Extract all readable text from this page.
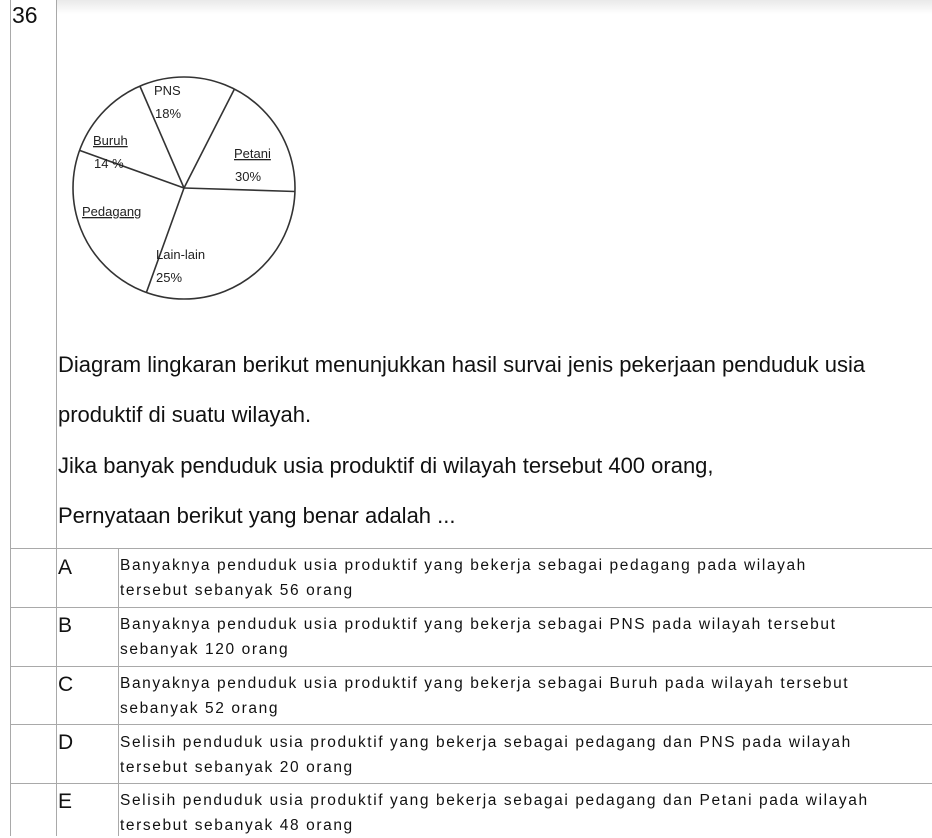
36
PNS
18%
Petani
30%
Lain-lain
25%
Pedagang
Buruh
14 %
Diagram lingkaran berikut menunjukkan hasil survai jenis pekerjaan penduduk usia
produktif di suatu wilayah.
Jika banyak penduduk usia produktif di wilayah tersebut 400 orang,
Pernyataan berikut yang benar adalah ...
A	Banyaknya penduduk usia produktif yang bekerja sebagai pedagang pada wilayah
tersebut sebanyak 56 orang
B	Banyaknya penduduk usia produktif yang bekerja sebagai PNS pada wilayah tersebut
sebanyak 120 orang
C	Banyaknya penduduk usia produktif yang bekerja sebagai Buruh pada wilayah tersebut
sebanyak 52 orang
D	Selisih penduduk usia produktif yang bekerja sebagai pedagang dan PNS pada wilayah
tersebut sebanyak 20 orang
E	Selisih penduduk usia produktif yang bekerja sebagai pedagang dan Petani pada wilayah
tersebut sebanyak 48 orang
